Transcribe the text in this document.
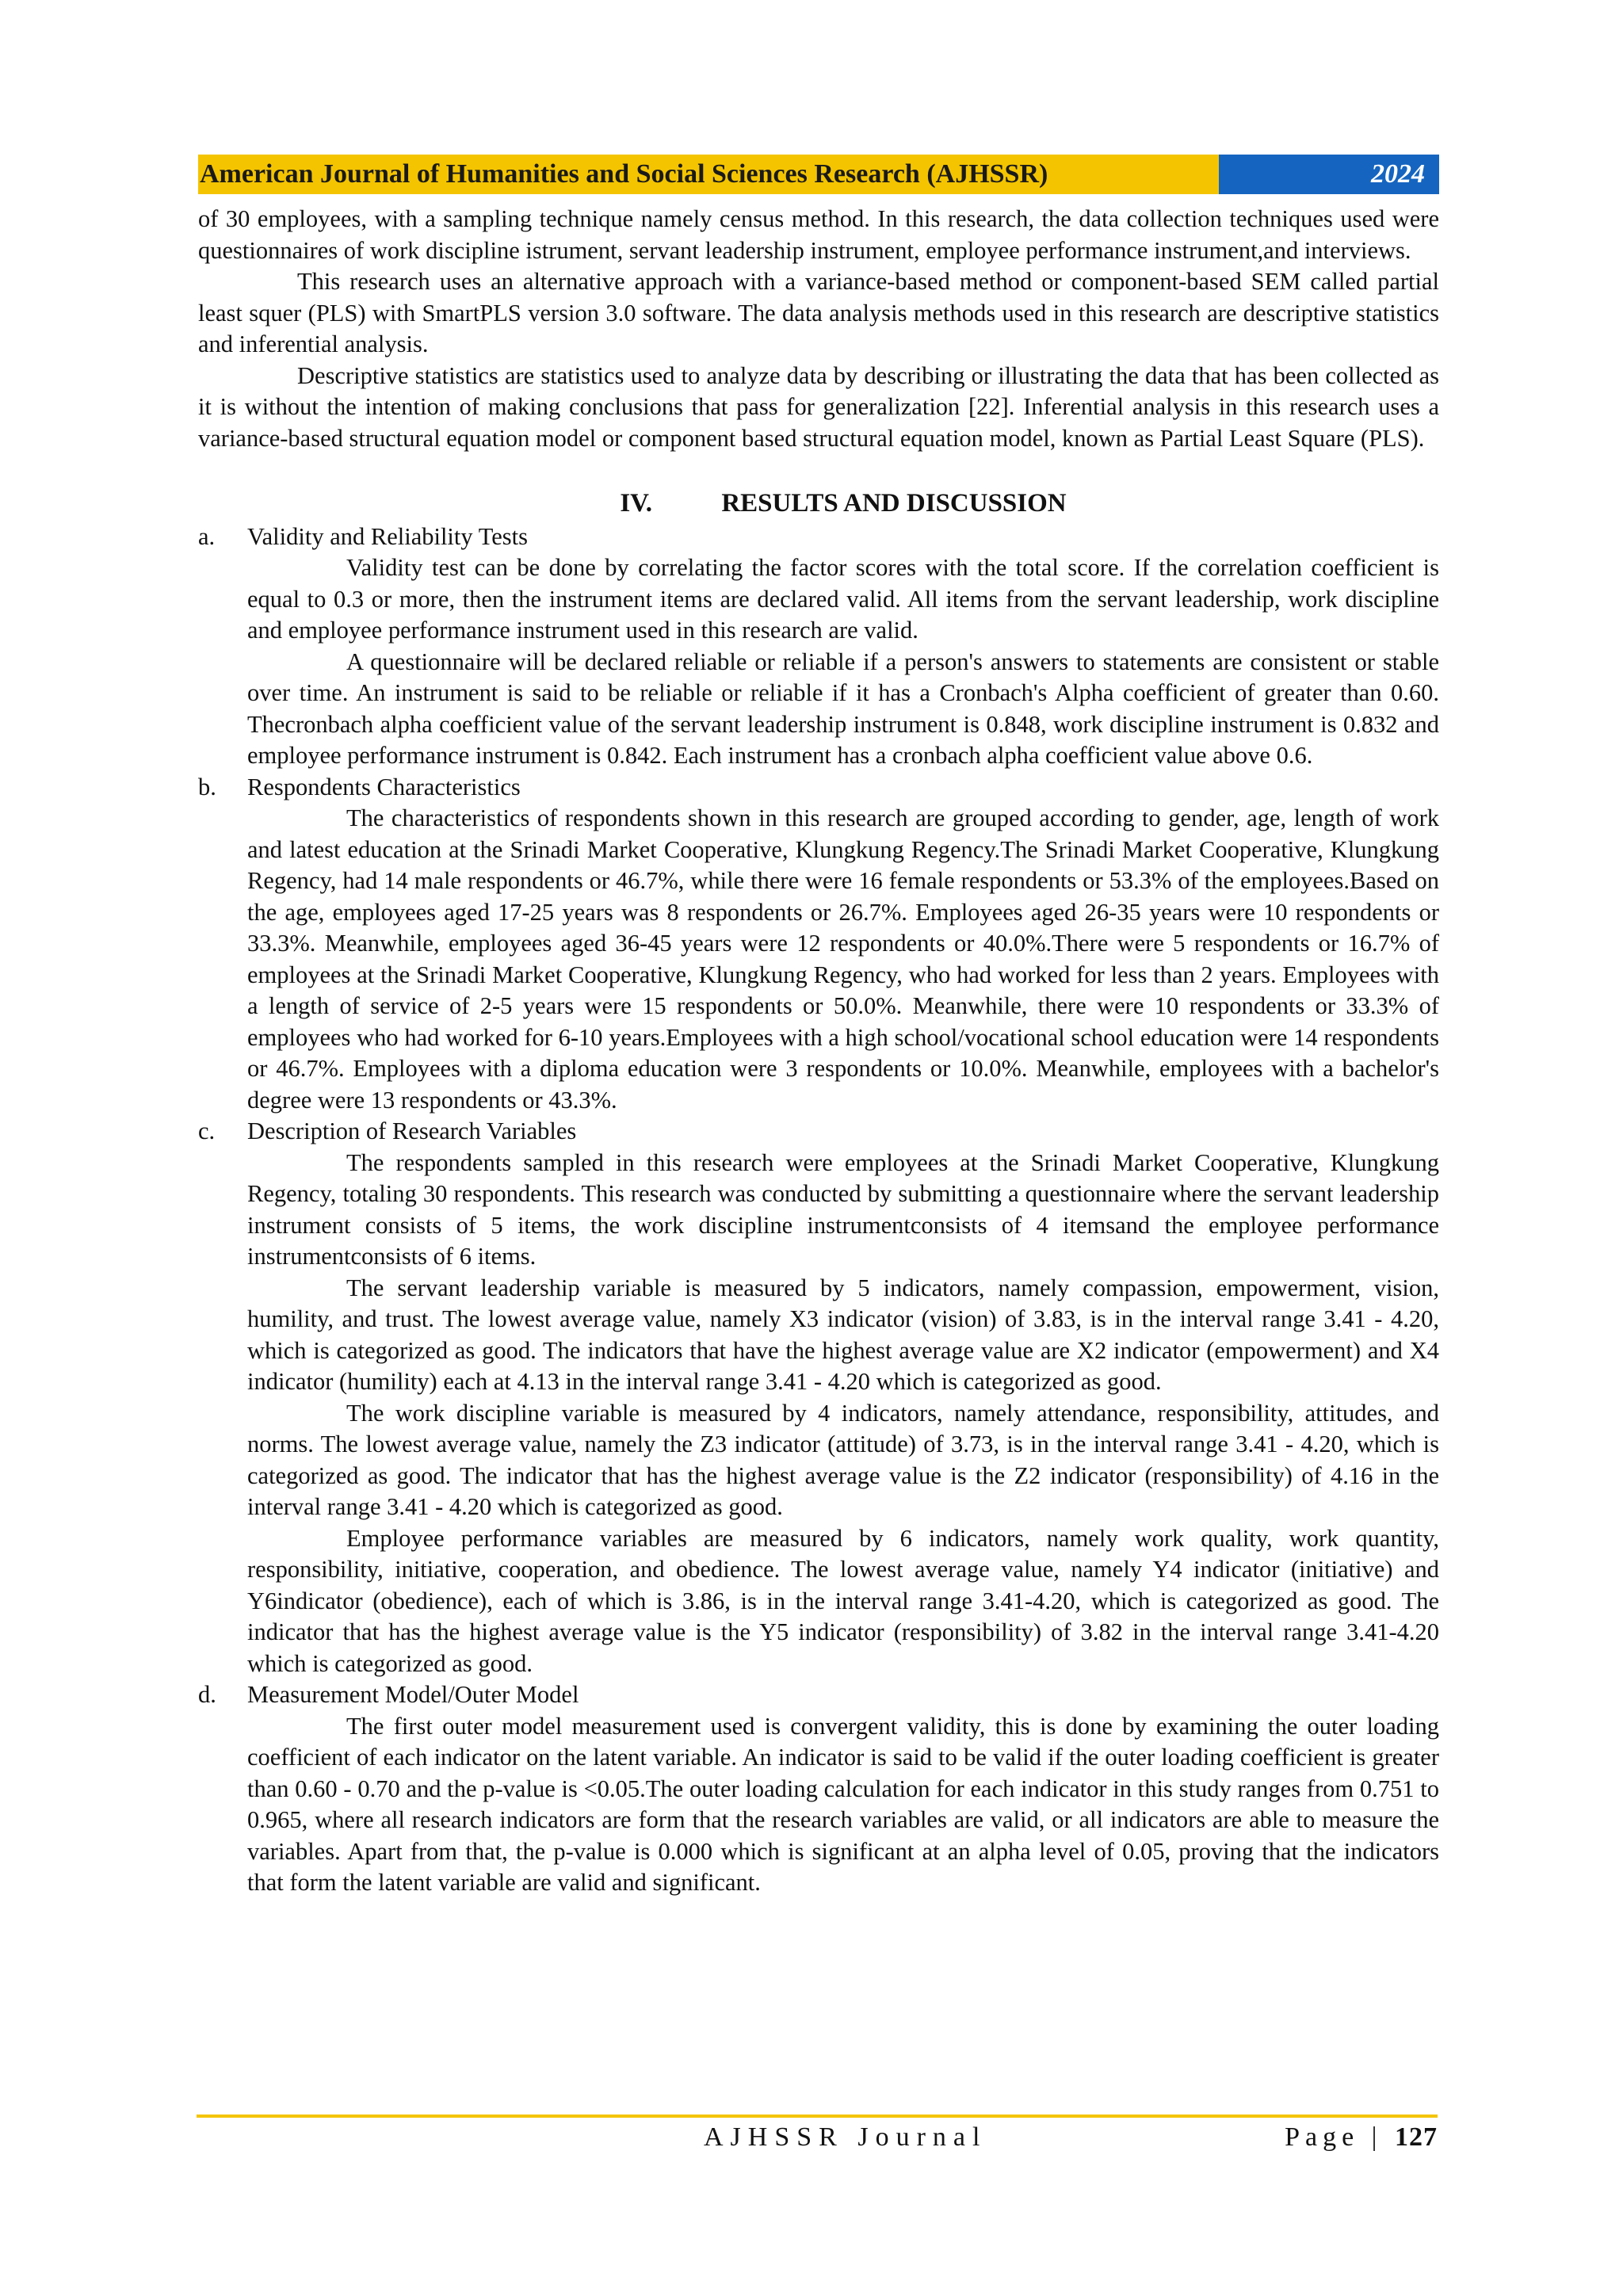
American Journal of Humanities and Social Sciences Research (AJHSSR)	2024

of 30 employees, with a sampling technique namely census method. In this research, the data collection techniques used were questionnaires of work discipline istrument, servant leadership instrument, employee performance instrument,and interviews.

This research uses an alternative approach with a variance-based method or component-based SEM called partial least squer (PLS) with SmartPLS version 3.0 software. The data analysis methods used in this research are descriptive statistics and inferential analysis.

Descriptive statistics are statistics used to analyze data by describing or illustrating the data that has been collected as it is without the intention of making conclusions that pass for generalization [22]. Inferential analysis in this research uses a variance-based structural equation model or component based structural equation model, known as Partial Least Square (PLS).

IV.	RESULTS AND DISCUSSION
a.	Validity and Reliability Tests

Validity test can be done by correlating the factor scores with the total score. If the correlation coefficient is equal to 0.3 or more, then the instrument items are declared valid. All items from the servant leadership, work discipline and employee performance instrument used in this research are valid.

A questionnaire will be declared reliable or reliable if a person's answers to statements are consistent or stable over time. An instrument is said to be reliable or reliable if it has a Cronbach's Alpha coefficient of greater than 0.60. Thecronbach alpha coefficient value of the servant leadership instrument is 0.848, work discipline instrument is 0.832 and employee performance instrument is 0.842. Each instrument has a cronbach alpha coefficient value above 0.6.

b.	Respondents Characteristics

The characteristics of respondents shown in this research are grouped according to gender, age, length of work and latest education at the Srinadi Market Cooperative, Klungkung Regency.The Srinadi Market Cooperative, Klungkung Regency, had 14 male respondents or 46.7%, while there were 16 female respondents or 53.3% of the employees.Based on the age, employees aged 17-25 years was 8 respondents or 26.7%. Employees aged 26-35 years were 10 respondents or 33.3%. Meanwhile, employees aged 36-45 years were 12 respondents or 40.0%.There were 5 respondents or 16.7% of employees at the Srinadi Market Cooperative, Klungkung Regency, who had worked for less than 2 years. Employees with a length of service of 2-5 years were 15 respondents or 50.0%. Meanwhile, there were 10 respondents or 33.3% of employees who had worked for 6-10 years.Employees with a high school/vocational school education were 14 respondents or 46.7%. Employees with a diploma education were 3 respondents or 10.0%. Meanwhile, employees with a bachelor's degree were 13 respondents or 43.3%.

c.	Description of Research Variables

The respondents sampled in this research were employees at the Srinadi Market Cooperative, Klungkung Regency, totaling 30 respondents. This research was conducted by submitting a questionnaire where the servant leadership instrument consists of 5 items, the work discipline instrumentconsists of 4 itemsand the employee performance instrumentconsists of 6 items.

The servant leadership variable is measured by 5 indicators, namely compassion, empowerment, vision, humility, and trust. The lowest average value, namely X3 indicator (vision) of 3.83, is in the interval range 3.41 - 4.20, which is categorized as good. The indicators that have the highest average value are X2 indicator (empowerment) and X4 indicator (humility) each at 4.13 in the interval range 3.41 - 4.20 which is categorized as good.

The work discipline variable is measured by 4 indicators, namely attendance, responsibility, attitudes, and norms. The lowest average value, namely the Z3 indicator (attitude) of 3.73, is in the interval range 3.41 - 4.20, which is categorized as good. The indicator that has the highest average value is the Z2 indicator (responsibility) of 4.16 in the interval range 3.41 - 4.20 which is categorized as good.

Employee performance variables are measured by 6 indicators, namely work quality, work quantity, responsibility, initiative, cooperation, and obedience. The lowest average value, namely Y4 indicator (initiative) and Y6indicator (obedience), each of which is 3.86, is in the interval range 3.41-4.20, which is categorized as good. The indicator that has the highest average value is the Y5 indicator (responsibility) of 3.82 in the interval range 3.41-4.20 which is categorized as good.

d.	Measurement Model/Outer Model

The first outer model measurement used is convergent validity, this is done by examining the outer loading coefficient of each indicator on the latent variable. An indicator is said to be valid if the outer loading coefficient is greater than 0.60 - 0.70 and the p-value is <0.05.The outer loading calculation for each indicator in this study ranges from 0.751 to 0.965, where all research indicators are form that the research variables are valid, or all indicators are able to measure the variables. Apart from that, the p-value is 0.000 which is significant at an alpha level of 0.05, proving that the indicators that form the latent variable are valid and significant.

AJHSSR Journal	Page | 127
